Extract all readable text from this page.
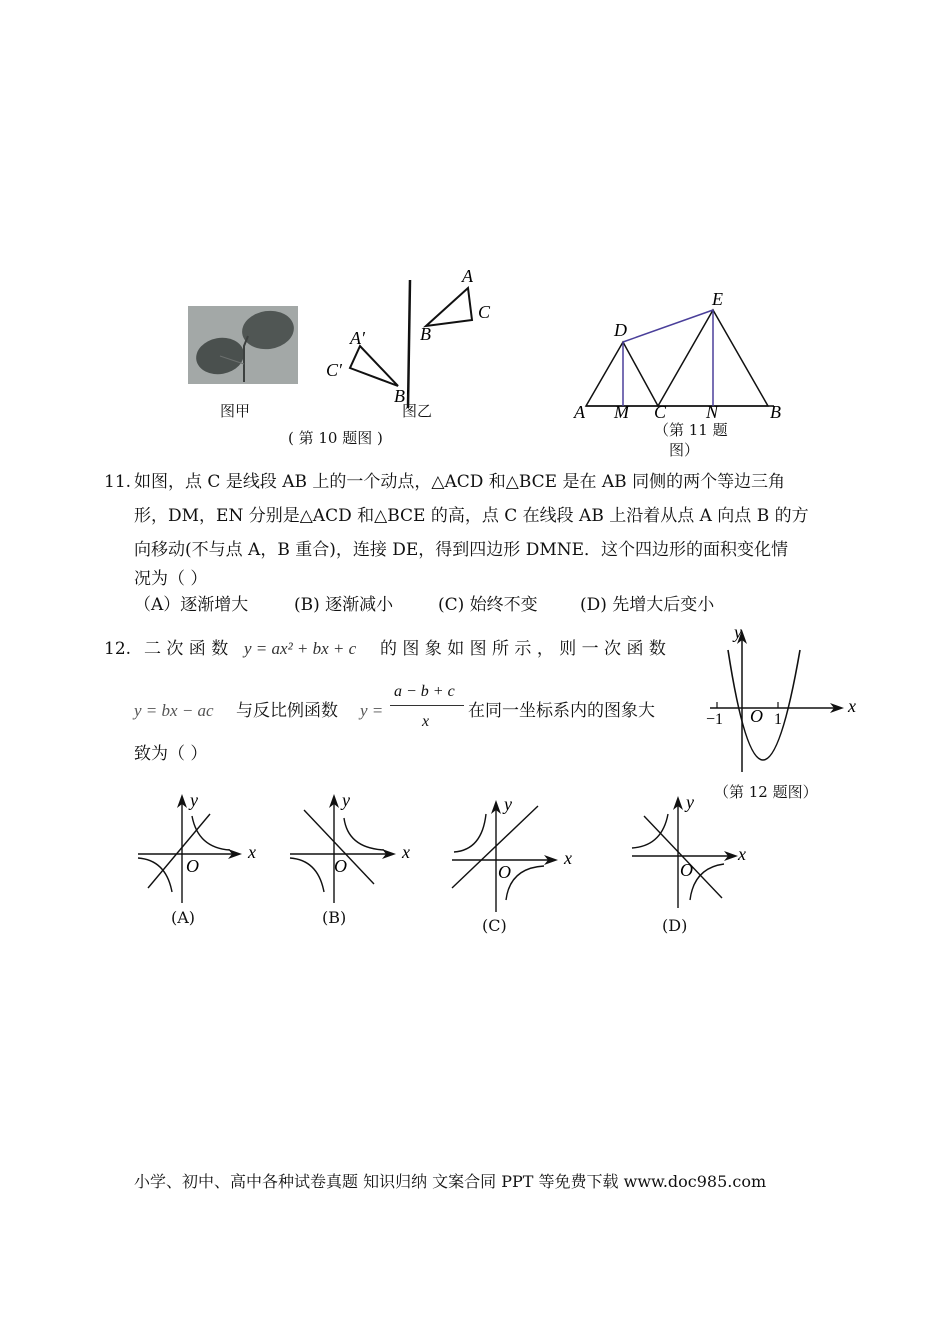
图甲
A
C
B
A′
C′
B′
图乙
( 第 10 题图 )
A M C N	B
D
E
（第 11 题
图）
11. 如图，点 C 是线段 AB 上的一个动点，△ACD 和△BCE 是在 AB 同侧的两个等边三角
形，DM，EN 分别是△ACD 和△BCE 的高，点 C 在线段 AB 上沿着从点 A 向点 B 的方
向移动(不与点 A，B 重合)，连接 DE，得到四边形 DMNE．这个四边形的面积变化情
况为（ ）
（A）逐渐增大	(B) 逐渐减小	(C) 始终不变 (D) 先增大后变小
12. 二 次 函 数 y = ax² + bx + c 的 图 象 如 图 所 示 ， 则 一 次 函 数
y = bx − ac 与反比例函数 y =
a − b + c
x
在同一坐标系内的图象大
致为（ ）
x
y
O
−1	1
（第 12 题图）
x
y
O
(A)
x
y
O
(B)
x
y
O
(C)
x
y
O
(D)
小学、初中、高中各种试卷真题 知识归纳 文案合同 PPT 等免费下载 www.doc985.com
